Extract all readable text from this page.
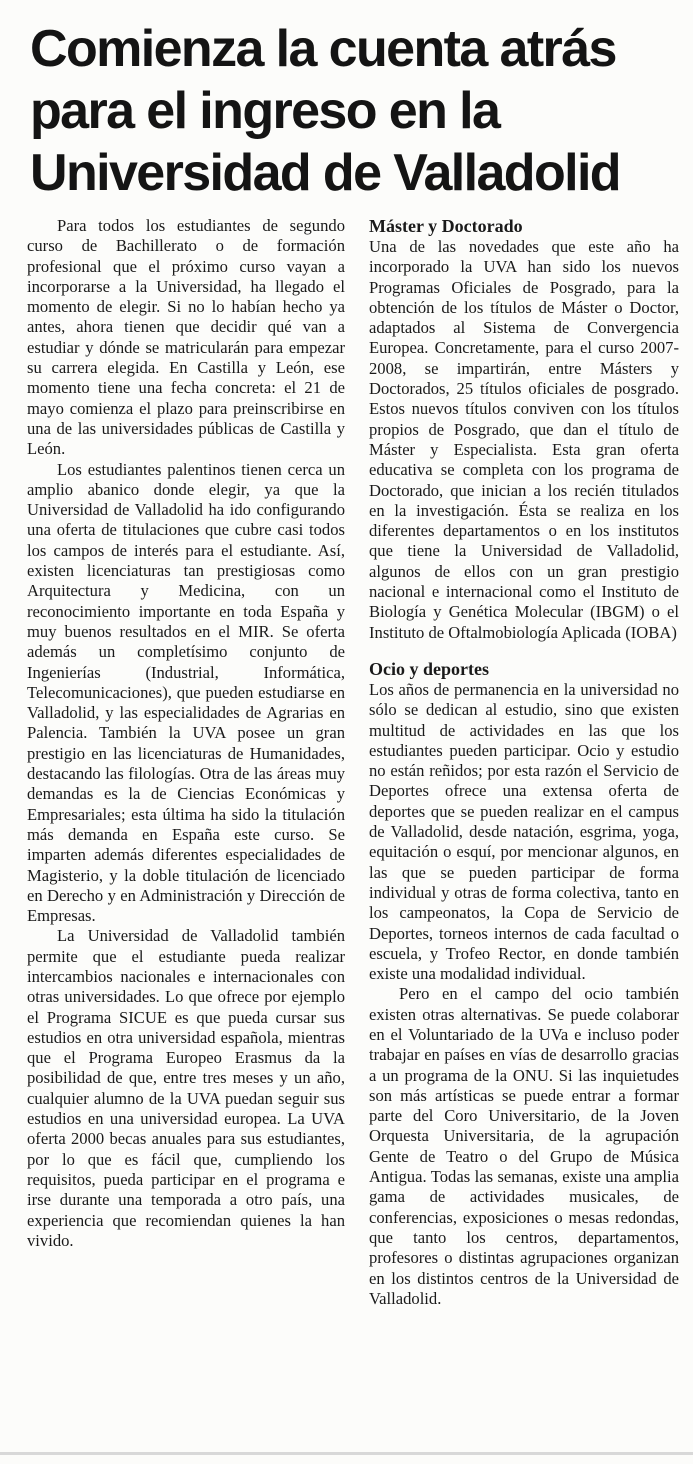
Comienza la cuenta atrás
para el ingreso en la
Universidad de Valladolid

Para todos los estudiantes de segundo curso de Bachillerato o de formación profesional que el próximo curso vayan a incorporarse a la Universidad, ha llegado el momento de elegir. Si no lo habían hecho ya antes, ahora tienen que decidir qué van a estudiar y dónde se matricularán para empezar su carrera elegida. En Castilla y León, ese momento tiene una fecha concreta: el 21 de mayo comienza el plazo para preinscribirse en una de las universidades públicas de Castilla y León.

Los estudiantes palentinos tienen cerca un amplio abanico donde elegir, ya que la Universidad de Valladolid ha ido configurando una oferta de titulaciones que cubre casi todos los campos de interés para el estudiante. Así, existen licenciaturas tan prestigiosas como Arquitectura y Medicina, con un reconocimiento importante en toda España y muy buenos resultados en el MIR. Se oferta además un completísimo conjunto de Ingenierías (Industrial, Informática, Telecomunicaciones), que pueden estudiarse en Valladolid, y las especialidades de Agrarias en Palencia. También la UVA posee un gran prestigio en las licenciaturas de Humanidades, destacando las filologías. Otra de las áreas muy demandas es la de Ciencias Económicas y Empresariales; esta última ha sido la titulación más demanda en España este curso. Se imparten además diferentes especialidades de Magisterio, y la doble titulación de licenciado en Derecho y en Administración y Dirección de Empresas.

La Universidad de Valladolid también permite que el estudiante pueda realizar intercambios nacionales e internacionales con otras universidades. Lo que ofrece por ejemplo el Programa SICUE es que pueda cursar sus estudios en otra universidad española, mientras que el Programa Europeo Erasmus da la posibilidad de que, entre tres meses y un año, cualquier alumno de la UVA puedan seguir sus estudios en una universidad europea. La UVA oferta 2000 becas anuales para sus estudiantes, por lo que es fácil que, cumpliendo los requisitos, pueda participar en el programa e irse durante una temporada a otro país, una experiencia que recomiendan quienes la han vivido.

Máster y Doctorado

Una de las novedades que este año ha incorporado la UVA han sido los nuevos Programas Oficiales de Posgrado, para la obtención de los títulos de Máster o Doctor, adaptados al Sistema de Convergencia Europea. Concretamente, para el curso 2007-2008, se impartirán, entre Másters y Doctorados, 25 títulos oficiales de posgrado. Estos nuevos títulos conviven con los títulos propios de Posgrado, que dan el título de Máster y Especialista. Esta gran oferta educativa se completa con los programa de Doctorado, que inician a los recién titulados en la investigación. Ésta se realiza en los diferentes departamentos o en los institutos que tiene la Universidad de Valladolid, algunos de ellos con un gran prestigio nacional e internacional como el Instituto de Biología y Genética Molecular (IBGM) o el Instituto de Oftalmobiología Aplicada (IOBA)

Ocio y deportes

Los años de permanencia en la universidad no sólo se dedican al estudio, sino que existen multitud de actividades en las que los estudiantes pueden participar. Ocio y estudio no están reñidos; por esta razón el Servicio de Deportes ofrece una extensa oferta de deportes que se pueden realizar en el campus de Valladolid, desde natación, esgrima, yoga, equitación o esquí, por mencionar algunos, en las que se pueden participar de forma individual y otras de forma colectiva, tanto en los campeonatos, la Copa de Servicio de Deportes, torneos internos de cada facultad o escuela, y Trofeo Rector, en donde también existe una modalidad individual.

Pero en el campo del ocio también existen otras alternativas. Se puede colaborar en el Voluntariado de la UVa e incluso poder trabajar en países en vías de desarrollo gracias a un programa de la ONU. Si las inquietudes son más artísticas se puede entrar a formar parte del Coro Universitario, de la Joven Orquesta Universitaria, de la agrupación Gente de Teatro o del Grupo de Música Antigua. Todas las semanas, existe una amplia gama de actividades musicales, de conferencias, exposiciones o mesas redondas, que tanto los centros, departamentos, profesores o distintas agrupaciones organizan en los distintos centros de la Universidad de Valladolid.
